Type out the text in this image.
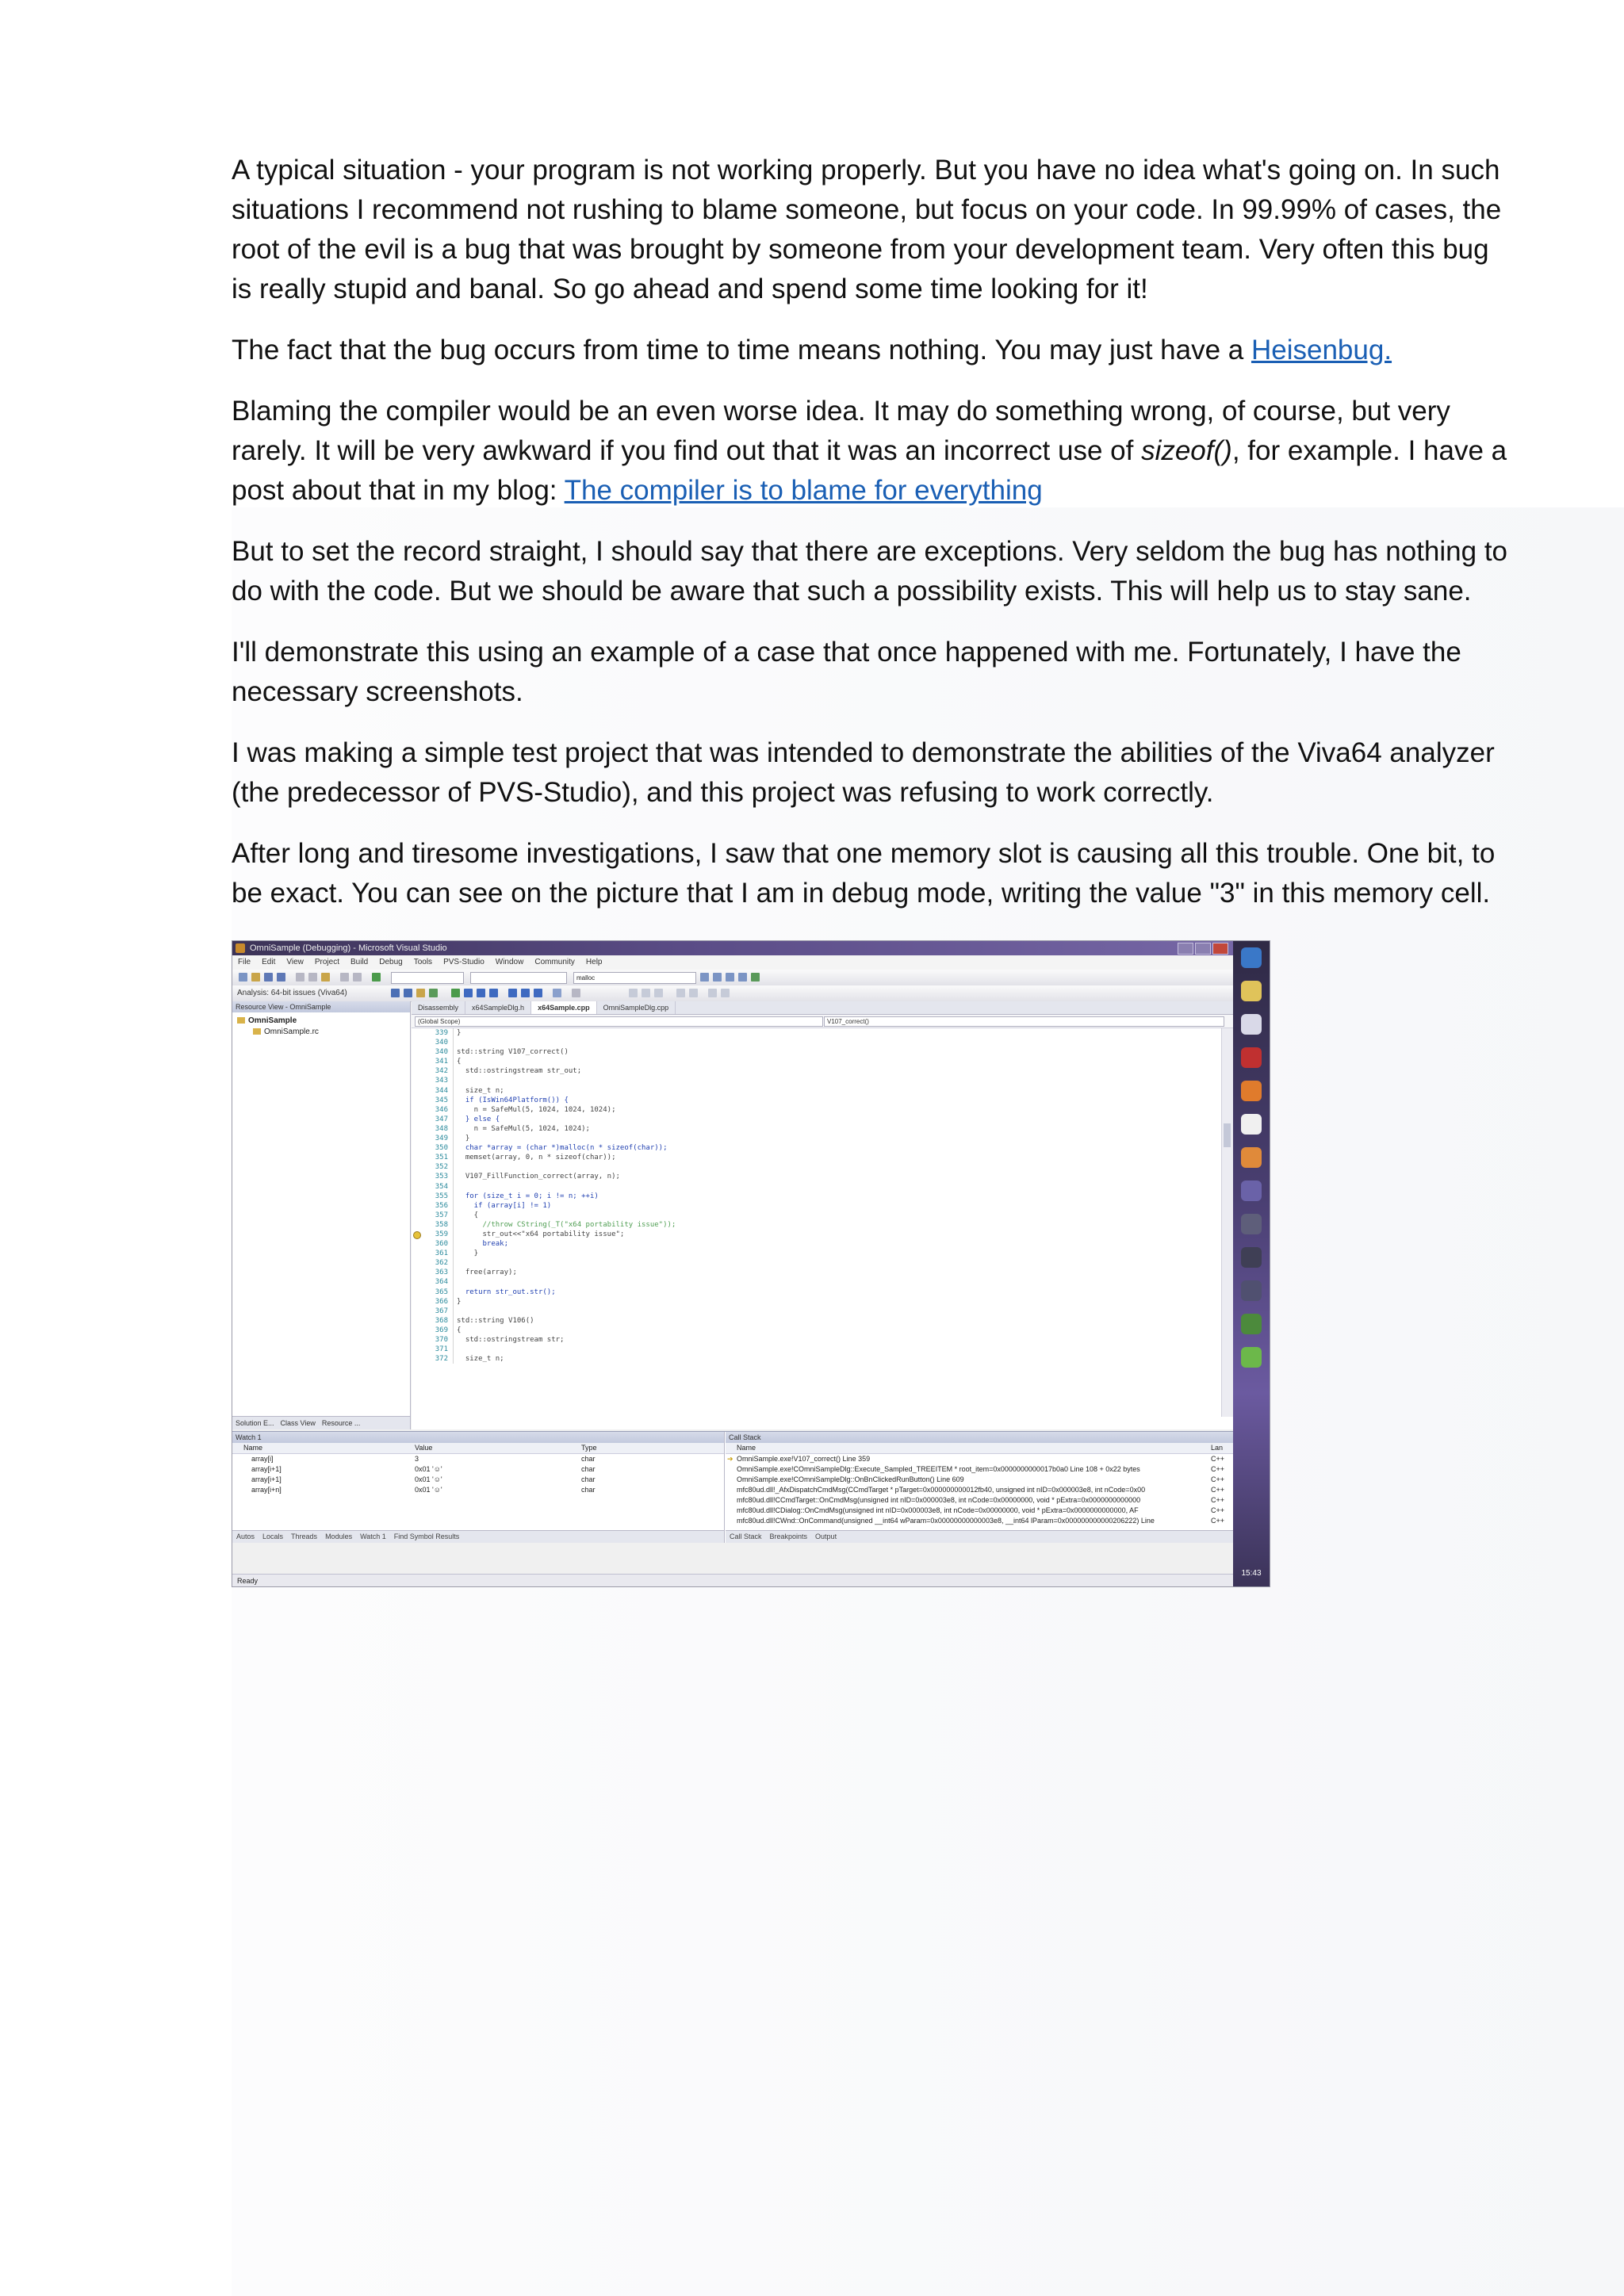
A typical situation - your program is not working properly. But you have no idea what's going on. In such situations I recommend not rushing to blame someone, but focus on your code. In 99.99% of cases, the root of the evil is a bug that was brought by someone from your development team. Very often this bug is really stupid and banal. So go ahead and spend some time looking for it!

The fact that the bug occurs from time to time means nothing. You may just have a Heisenbug.

Blaming the compiler would be an even worse idea. It may do something wrong, of course, but very rarely. It will be very awkward if you find out that it was an incorrect use of sizeof(), for example. I have a post about that in my blog: The compiler is to blame for everything

But to set the record straight, I should say that there are exceptions. Very seldom the bug has nothing to do with the code. But we should be aware that such a possibility exists. This will help us to stay sane.

I'll demonstrate this using an example of a case that once happened with me. Fortunately, I have the necessary screenshots.

I was making a simple test project that was intended to demonstrate the abilities of the Viva64 analyzer (the predecessor of PVS-Studio), and this project was refusing to work correctly.

After long and tiresome investigations, I saw that one memory slot is causing all this trouble. One bit, to be exact. You can see on the picture that I am in debug mode, writing the value "3" in this memory cell.

OmniSample (Debugging) - Microsoft Visual Studio
File Edit View Project Build Debug Tools PVS-Studio Window Community Help
malloc
Analysis: 64-bit issues (Viva64)
Resource View - OmniSample
OmniSample
OmniSample.rc
Solution E... Class View Resource ...
Disassembly x64SampleDlg.h x64Sample.cpp OmniSampleDlg.cpp
(Global Scope)	V107_correct()
339 }
340
340 std::string V107_correct()
341 {
342  std::ostringstream str_out;
343
344  size_t n;
345  if (IsWin64Platform()) {
346    n = SafeMul(5, 1024, 1024, 1024);
347  } else {
348    n = SafeMul(5, 1024, 1024);
349  }
350  char *array = (char *)malloc(n * sizeof(char));
351  memset(array, 0, n * sizeof(char));
352
353  V107_FillFunction_correct(array, n);
354
355  for (size_t i = 0; i != n; ++i)
356    if (array[i] != 1)
357    {
358      //throw CString(_T("x64 portability issue"));
359      str_out<<"x64 portability issue";
360      break;
361    }
362
363  free(array);
364
365  return str_out.str();
366 }
367
368 std::string V106()
369 {
370  std::ostringstream str;
371
372  size_t n;
Watch 1
Name	Value	Type
array[i]	3	char
array[i+1]	0x01 '☺'	char
array[i+1]	0x01 '☺'	char
array[i+n]	0x01 '☺'	char
Autos Locals Threads Modules Watch 1 Find Symbol Results
Call Stack
Name	Lan
➔ OmniSample.exe!V107_correct() Line 359	C++
OmniSample.exe!COmniSampleDlg::Execute_Sampled_TREEITEM * root_item=0x0000000000017b0a0 Line 108 + 0x22 bytes	C++
OmniSample.exe!COmniSampleDlg::OnBnClickedRunButton() Line 609	C++
mfc80ud.dll!_AfxDispatchCmdMsg(CCmdTarget * pTarget=0x000000000012fb40, unsigned int nID=0x000003e8, int nCode=0x00	C++
mfc80ud.dll!CCmdTarget::OnCmdMsg(unsigned int nID=0x000003e8, int nCode=0x00000000, void * pExtra=0x0000000000000	C++
mfc80ud.dll!CDialog::OnCmdMsg(unsigned int nID=0x000003e8, int nCode=0x00000000, void * pExtra=0x0000000000000, AF	C++
mfc80ud.dll!CWnd::OnCommand(unsigned __int64 wParam=0x00000000000003e8, __int64 lParam=0x000000000000206222) Line	C++
Call Stack Breakpoints Output
Ready
15:43
